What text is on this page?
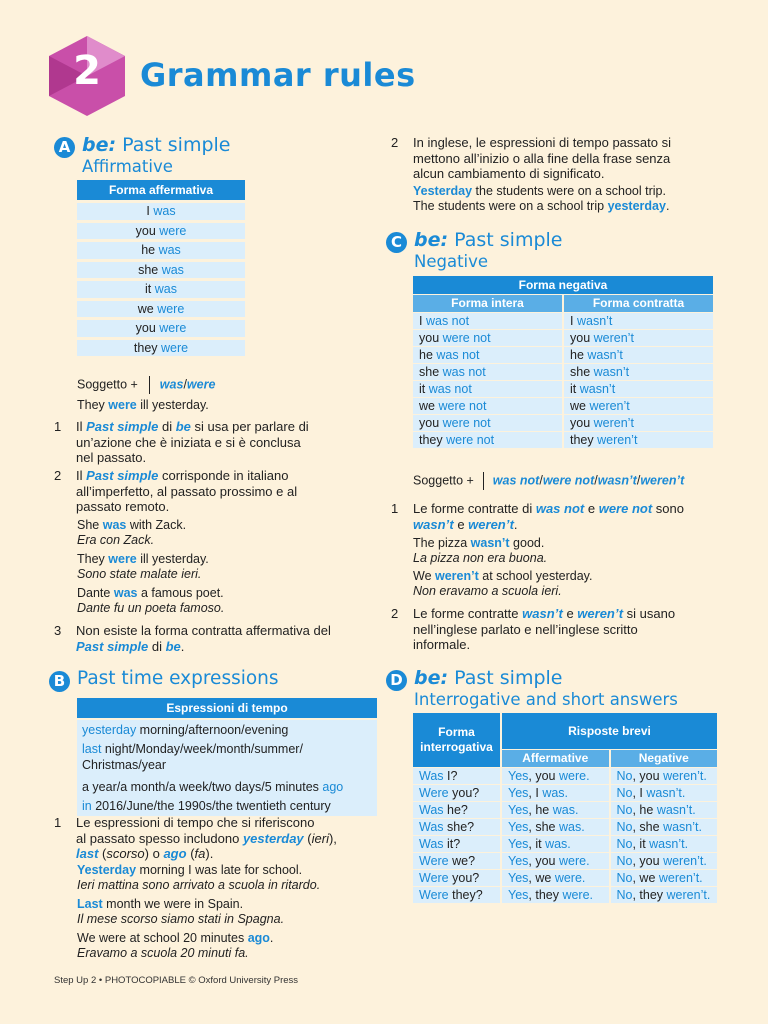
2	Grammar rules
A be: Past simple
Affirmative
Forma affermativa
I was
you were
he was
she was
it was
we were
you were
they were
Soggetto + was/were
They were ill yesterday.
1 Il Past simple di be si usa per parlare di
un’azione che è iniziata e si è conclusa
nel passato.
2 Il Past simple corrisponde in italiano
all’imperfetto, al passato prossimo e al
passato remoto.
She was with Zack.
Era con Zack.
They were ill yesterday.
Sono state malate ieri.
Dante was a famous poet.
Dante fu un poeta famoso.
3 Non esiste la forma contratta affermativa del
Past simple di be.
B Past time expressions
Espressioni di tempo
yesterday morning/afternoon/evening
last night/Monday/week/month/summer/
Christmas/year
a year/a month/a week/two days/5 minutes ago
in 2016/June/the 1990s/the twentieth century
1 Le espressioni di tempo che si riferiscono
al passato spesso includono yesterday (ieri),
last (scorso) o ago (fa).
Yesterday morning I was late for school.
Ieri mattina sono arrivato a scuola in ritardo.
Last month we were in Spain.
Il mese scorso siamo stati in Spagna.
We were at school 20 minutes ago.
Eravamo a scuola 20 minuti fa.
2 In inglese, le espressioni di tempo passato si
mettono all’inizio o alla fine della frase senza
alcun cambiamento di significato.
Yesterday the students were on a school trip.
The students were on a school trip yesterday.
C be: Past simple
Negative
Forma negativa
Forma intera	Forma contratta
I was not	I wasn’t
you were not	you weren’t
he was not	he wasn’t
she was not	she wasn’t
it was not	it wasn’t
we were not	we weren’t
you were not	you weren’t
they were not	they weren’t
Soggetto + was not/were not/wasn’t/weren’t
1 Le forme contratte di was not e were not sono
wasn’t e weren’t.
The pizza wasn’t good.
La pizza non era buona.
We weren’t at school yesterday.
Non eravamo a scuola ieri.
2 Le forme contratte wasn’t e weren’t si usano
nell’inglese parlato e nell’inglese scritto
informale.
D be: Past simple
Interrogative and short answers
Forma
interrogativa
Risposte brevi
Affermative	Negative
Was I?	Yes, you were.	No, you weren’t.
Were you?	Yes, I was.	No, I wasn’t.
Was he?	Yes, he was.	No, he wasn’t.
Was she?	Yes, she was.	No, she wasn’t.
Was it?	Yes, it was.	No, it wasn’t.
Were we?	Yes, you were.	No, you weren’t.
Were you?	Yes, we were.	No, we weren’t.
Were they?	Yes, they were.	No, they weren’t.
Step Up 2 • PHOTOCOPIABLE © Oxford University Press
